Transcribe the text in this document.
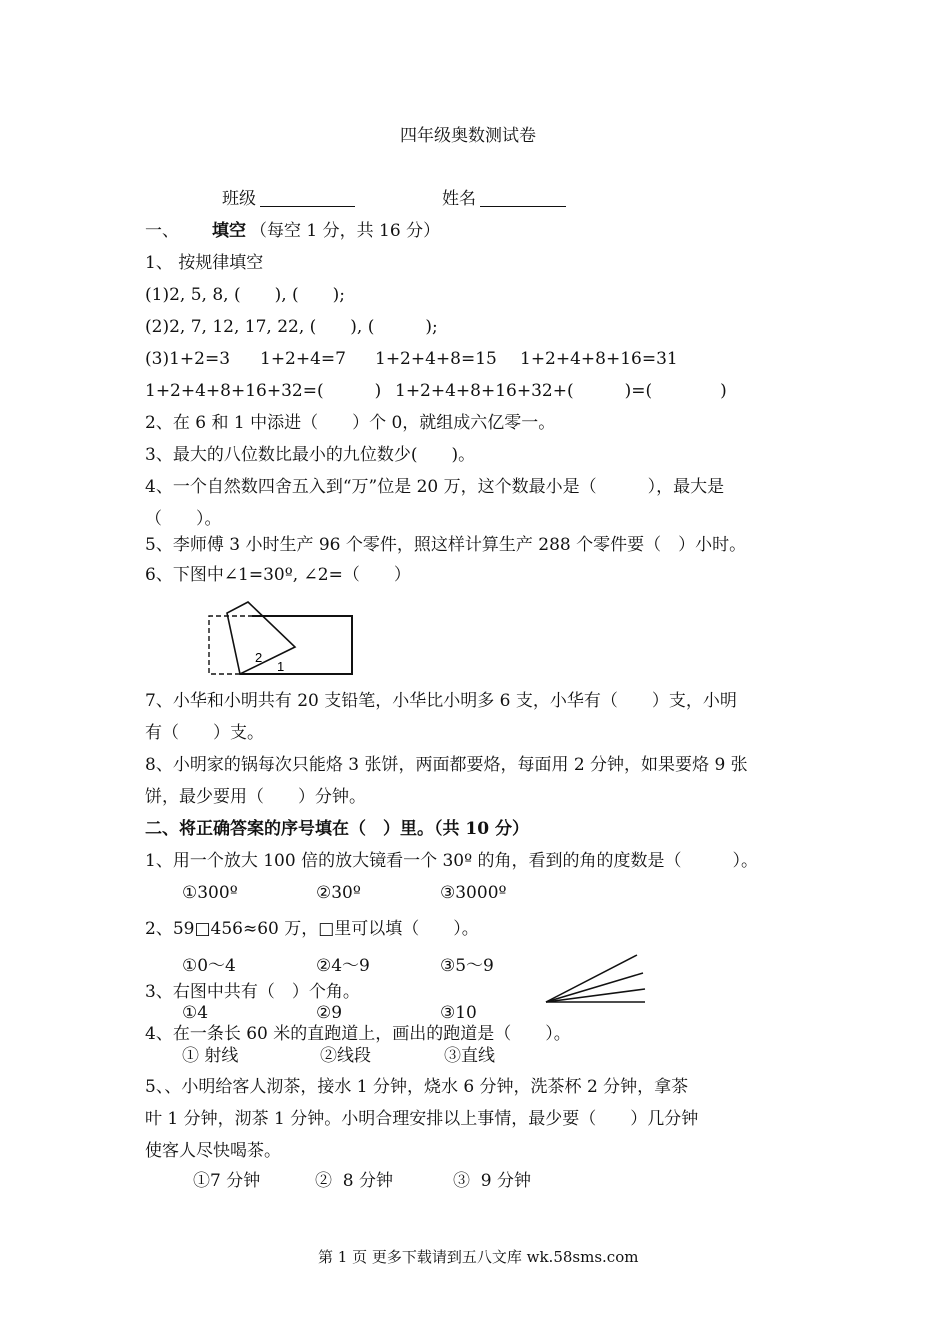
四年级奥数测试卷
班级	姓名
一、 填空 （每空 1 分，共 16 分）
1、 按规律填空
(1)2, 5, 8, (　　), (　　);
(2)2, 7, 12, 17, 22, (　　), (　　　);
(3)1+2=3 1+2+4=7 1+2+4+8=15 1+2+4+8+16=31
1+2+4+8+16+32=(　　　) 1+2+4+8+16+32+(　　　)=(　　　　)
2、在 6 和 1 中添进（　　）个 0，就组成六亿零一。
3、最大的八位数比最小的九位数少(　　)。
4、一个自然数四舍五入到“万”位是 20 万，这个数最小是（　　　），最大是
（　　）。
5、李师傅 3 小时生产 96 个零件，照这样计算生产 288 个零件要（　）小时。
6、下图中∠1=30º, ∠2=（　　）
2
1
7、小华和小明共有 20 支铅笔，小华比小明多 6 支，小华有（　　）支，小明
有（　　）支。
8、小明家的锅每次只能烙 3 张饼，两面都要烙，每面用 2 分钟，如果要烙 9 张
饼，最少要用（　　）分钟。
二、将正确答案的序号填在（　）里。（共 10 分）
1、用一个放大 100 倍的放大镜看一个 30º 的角，看到的角的度数是（　　　）。
①300º	②30º	③3000º
2、59□456≈60 万，□里可以填（　　）。
①0～4	②4～9	③5～9
3、右图中共有（　）个角。
①4	②9	③10
4、在一条长 60 米的直跑道上，画出的跑道是（　　）。
① 射线	②线段	③直线
5、、小明给客人沏茶，接水 1 分钟，烧水 6 分钟，洗茶杯 2 分钟，拿茶
叶 1 分钟，沏茶 1 分钟。小明合理安排以上事情，最少要（　　）几分钟
使客人尽快喝茶。
①7 分钟	②  8 分钟	③  9 分钟
第 1 页 更多下载请到五八文库 wk.58sms.com
